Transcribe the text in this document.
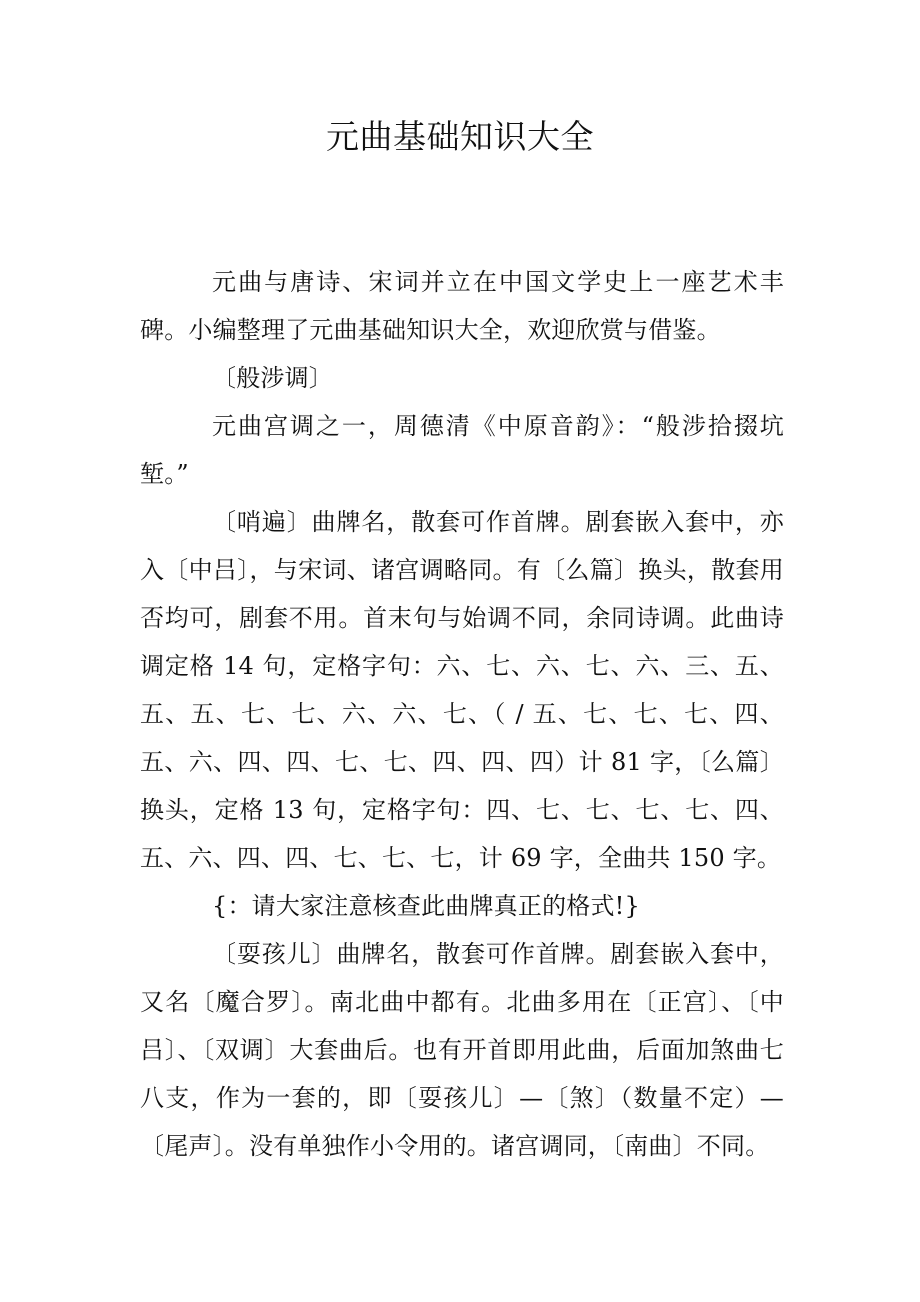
元曲基础知识大全

元曲与唐诗、宋词并立在中国文学史上一座艺术丰碑。小编整理了元曲基础知识大全，欢迎欣赏与借鉴。

〔般涉调〕

元曲宫调之一，周德清《中原音韵》：“般涉拾掇坑堑。”

〔哨遍〕曲牌名，散套可作首牌。剧套嵌入套中，亦入〔中吕〕，与宋词、诸宫调略同。有〔么篇〕换头，散套用否均可，剧套不用。首末句与始调不同，余同诗调。此曲诗调定格 14 句，定格字句：六、七、六、七、六、三、五、五、五、七、七、六、六、七、（ / 五、七、七、七、四、五、六、四、四、七、七、四、四、四）计 81 字，〔么篇〕换头，定格 13 句，定格字句：四、七、七、七、七、四、五、六、四、四、七、七、七，计 69 字，全曲共 150 字。

{：请大家注意核查此曲牌真正的格式!}

〔耍孩儿〕曲牌名，散套可作首牌。剧套嵌入套中，又名〔魔合罗〕。南北曲中都有。北曲多用在〔正宫〕、〔中吕〕、〔双调〕大套曲后。也有开首即用此曲，后面加煞曲七八支，作为一套的，即〔耍孩儿〕—〔煞〕（数量不定）—〔尾声〕。没有单独作小令用的。诸宫调同，〔南曲〕不同。
